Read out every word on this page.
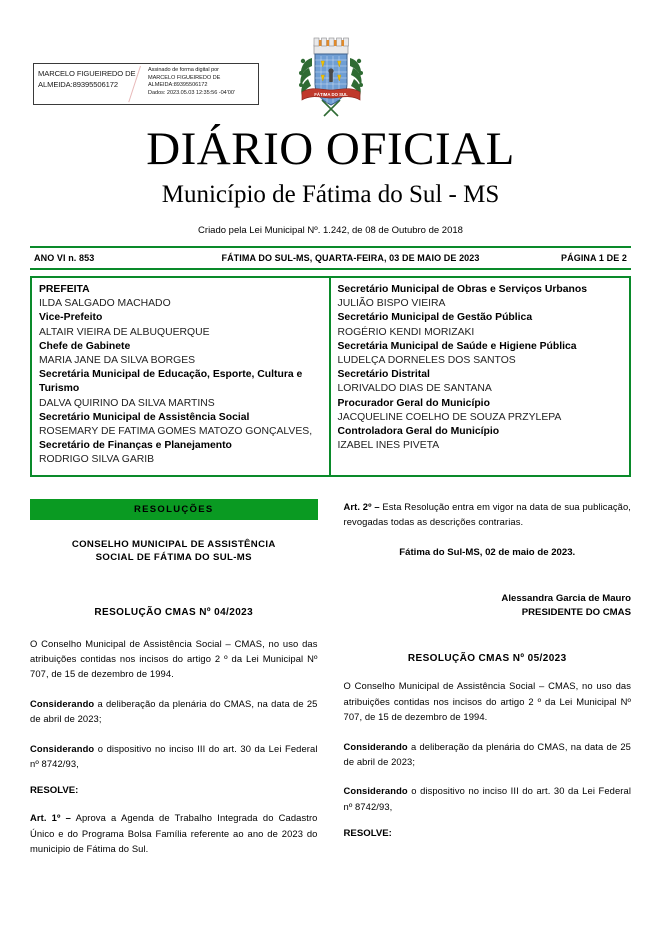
MARCELO FIGUEIREDO DE
ALMEIDA:89395506172
Assinado de forma digital por
MARCELO FIGUEIREDO DE
ALMEIDA:89395506172
Dados: 2023.05.03 12:35:56 -04'00'	FÁTIMA DO SUL
DIÁRIO OFICIAL
Município de Fátima do Sul - MS
Criado pela Lei Municipal Nº. 1.242, de 08 de Outubro de 2018
ANO VI n. 853	FÁTIMA DO SUL-MS, QUARTA-FEIRA, 03 DE MAIO DE 2023	PÁGINA 1 DE 2
PREFEITA
ILDA SALGADO MACHADO
Vice-Prefeito
ALTAIR VIEIRA DE ALBUQUERQUE
Chefe de Gabinete
MARIA JANE DA SILVA BORGES
Secretária Municipal de Educação, Esporte, Cultura e Turismo
DALVA QUIRINO DA SILVA MARTINS
Secretário Municipal de Assistência Social
ROSEMARY DE FATIMA GOMES MATOZO GONÇALVES,
Secretário de Finanças e Planejamento
RODRIGO SILVA GARIB
Secretário Municipal de Obras e Serviços Urbanos
JULIÃO BISPO VIEIRA
Secretário Municipal de Gestão Pública
ROGÉRIO KENDI MORIZAKI
Secretária Municipal de Saúde e Higiene Pública
LUDELÇA DORNELES DOS SANTOS
Secretário Distrital
LORIVALDO DIAS DE SANTANA
Procurador Geral do Município
JACQUELINE COELHO DE SOUZA PRZYLEPA
Controladora Geral do Município
IZABEL INES PIVETA
RESOLUÇÕES
CONSELHO MUNICIPAL DE ASSISTÊNCIA
SOCIAL DE FÁTIMA DO SUL-MS
RESOLUÇÃO CMAS Nº 04/2023
O Conselho Municipal de Assistência Social – CMAS, no uso das atribuições contidas nos incisos do artigo 2 º da Lei Municipal Nº 707, de 15 de dezembro de 1994.
Considerando a deliberação da plenária do CMAS, na data de 25 de abril de 2023;
Considerando o dispositivo no inciso III do art. 30 da Lei Federal nº 8742/93,
RESOLVE:
Art. 1º – Aprova a Agenda de Trabalho Integrada do Cadastro Único e do Programa Bolsa Família referente ao ano de 2023 do municipio de Fátima do Sul.
Art. 2º – Esta Resolução entra em vigor na data de sua publicação, revogadas todas as descrições contrarias.
Fátima do Sul-MS, 02 de maio de 2023.
Alessandra Garcia de Mauro
PRESIDENTE DO CMAS
RESOLUÇÃO CMAS Nº 05/2023
O Conselho Municipal de Assistência Social – CMAS, no uso das atribuições contidas nos incisos do artigo 2 º da Lei Municipal Nº 707, de 15 de dezembro de 1994.
Considerando a deliberação da plenária do CMAS, na data de 25 de abril de 2023;
Considerando o dispositivo no inciso III do art. 30 da Lei Federal nº 8742/93,
RESOLVE:
